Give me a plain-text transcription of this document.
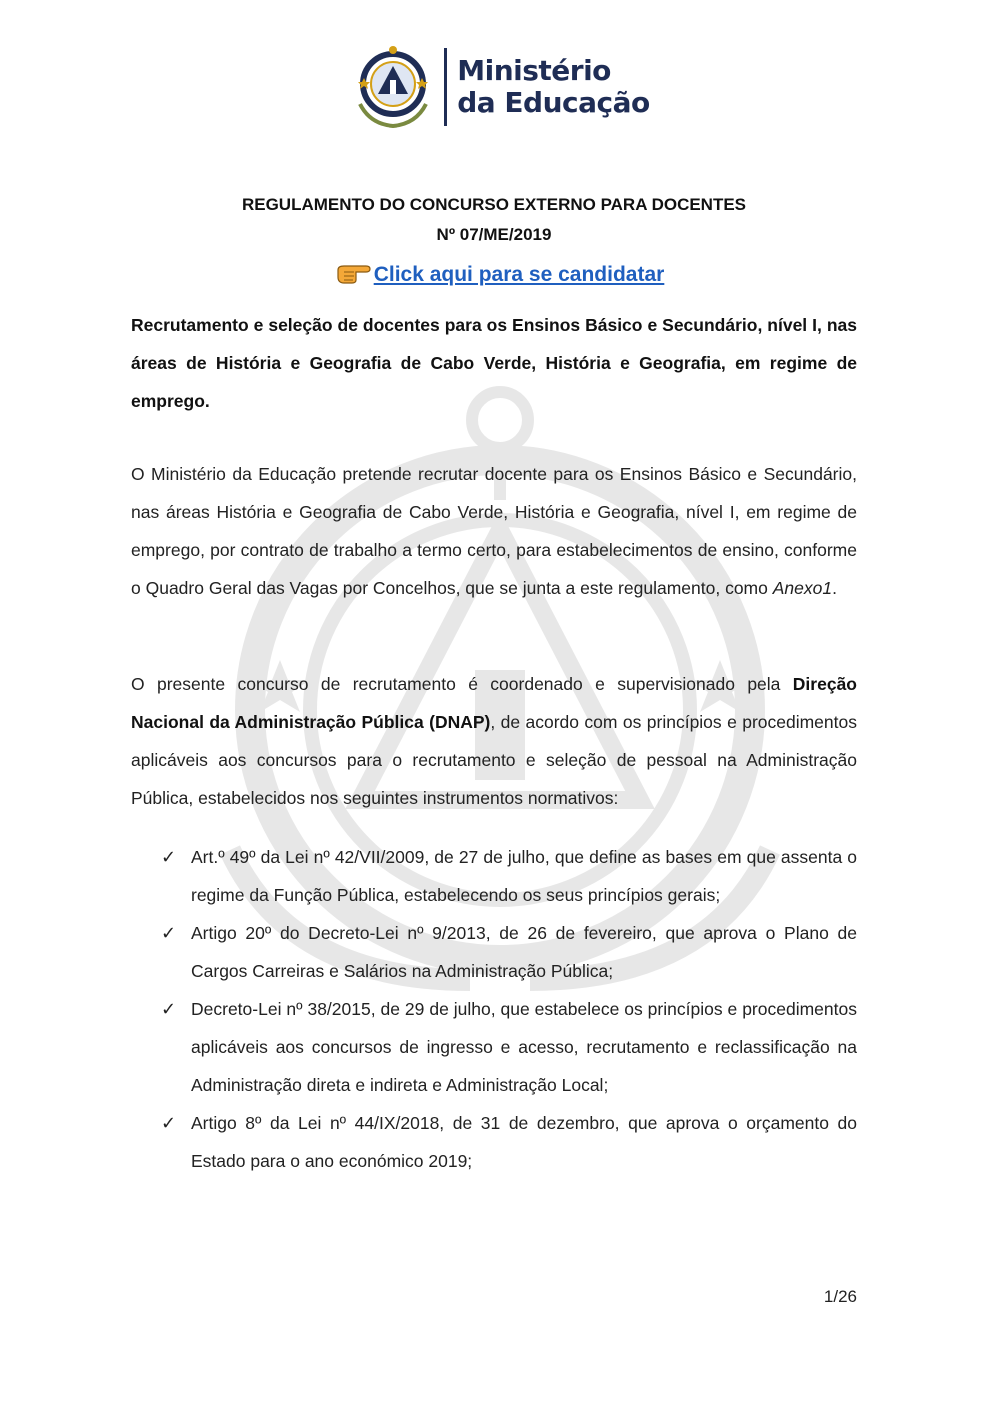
Ministério
da Educação
REGULAMENTO DO CONCURSO EXTERNO PARA DOCENTES
Nº 07/ME/2019
Click aqui para se candidatar
Recrutamento e seleção de docentes para os Ensinos Básico e Secundário, nível I, nas áreas de História e Geografia de Cabo Verde, História e Geografia, em regime de emprego.
O Ministério da Educação pretende recrutar docente para os Ensinos Básico e Secundário, nas áreas História e Geografia de Cabo Verde, História e Geografia, nível I, em regime de emprego, por contrato de trabalho a termo certo, para estabelecimentos de ensino, conforme o Quadro Geral das Vagas por Concelhos, que se junta a este regulamento, como Anexo1.
O presente concurso de recrutamento é coordenado e supervisionado pela Direção Nacional da Administração Pública (DNAP), de acordo com os princípios e procedimentos aplicáveis aos concursos para o recrutamento e seleção de pessoal na Administração Pública, estabelecidos nos seguintes instrumentos normativos:
✓ Art.º 49º da Lei nº 42/VII/2009, de 27 de julho, que define as bases em que assenta o regime da Função Pública, estabelecendo os seus princípios gerais;
✓ Artigo 20º do Decreto-Lei nº 9/2013, de 26 de fevereiro, que aprova o Plano de Cargos Carreiras e Salários na Administração Pública;
✓ Decreto-Lei nº 38/2015, de 29 de julho, que estabelece os princípios e procedimentos aplicáveis aos concursos de ingresso e acesso, recrutamento e reclassificação na Administração direta e indireta e Administração Local;
✓ Artigo 8º da Lei nº 44/IX/2018, de 31 de dezembro, que aprova o orçamento do Estado para o ano económico 2019;
1/26
